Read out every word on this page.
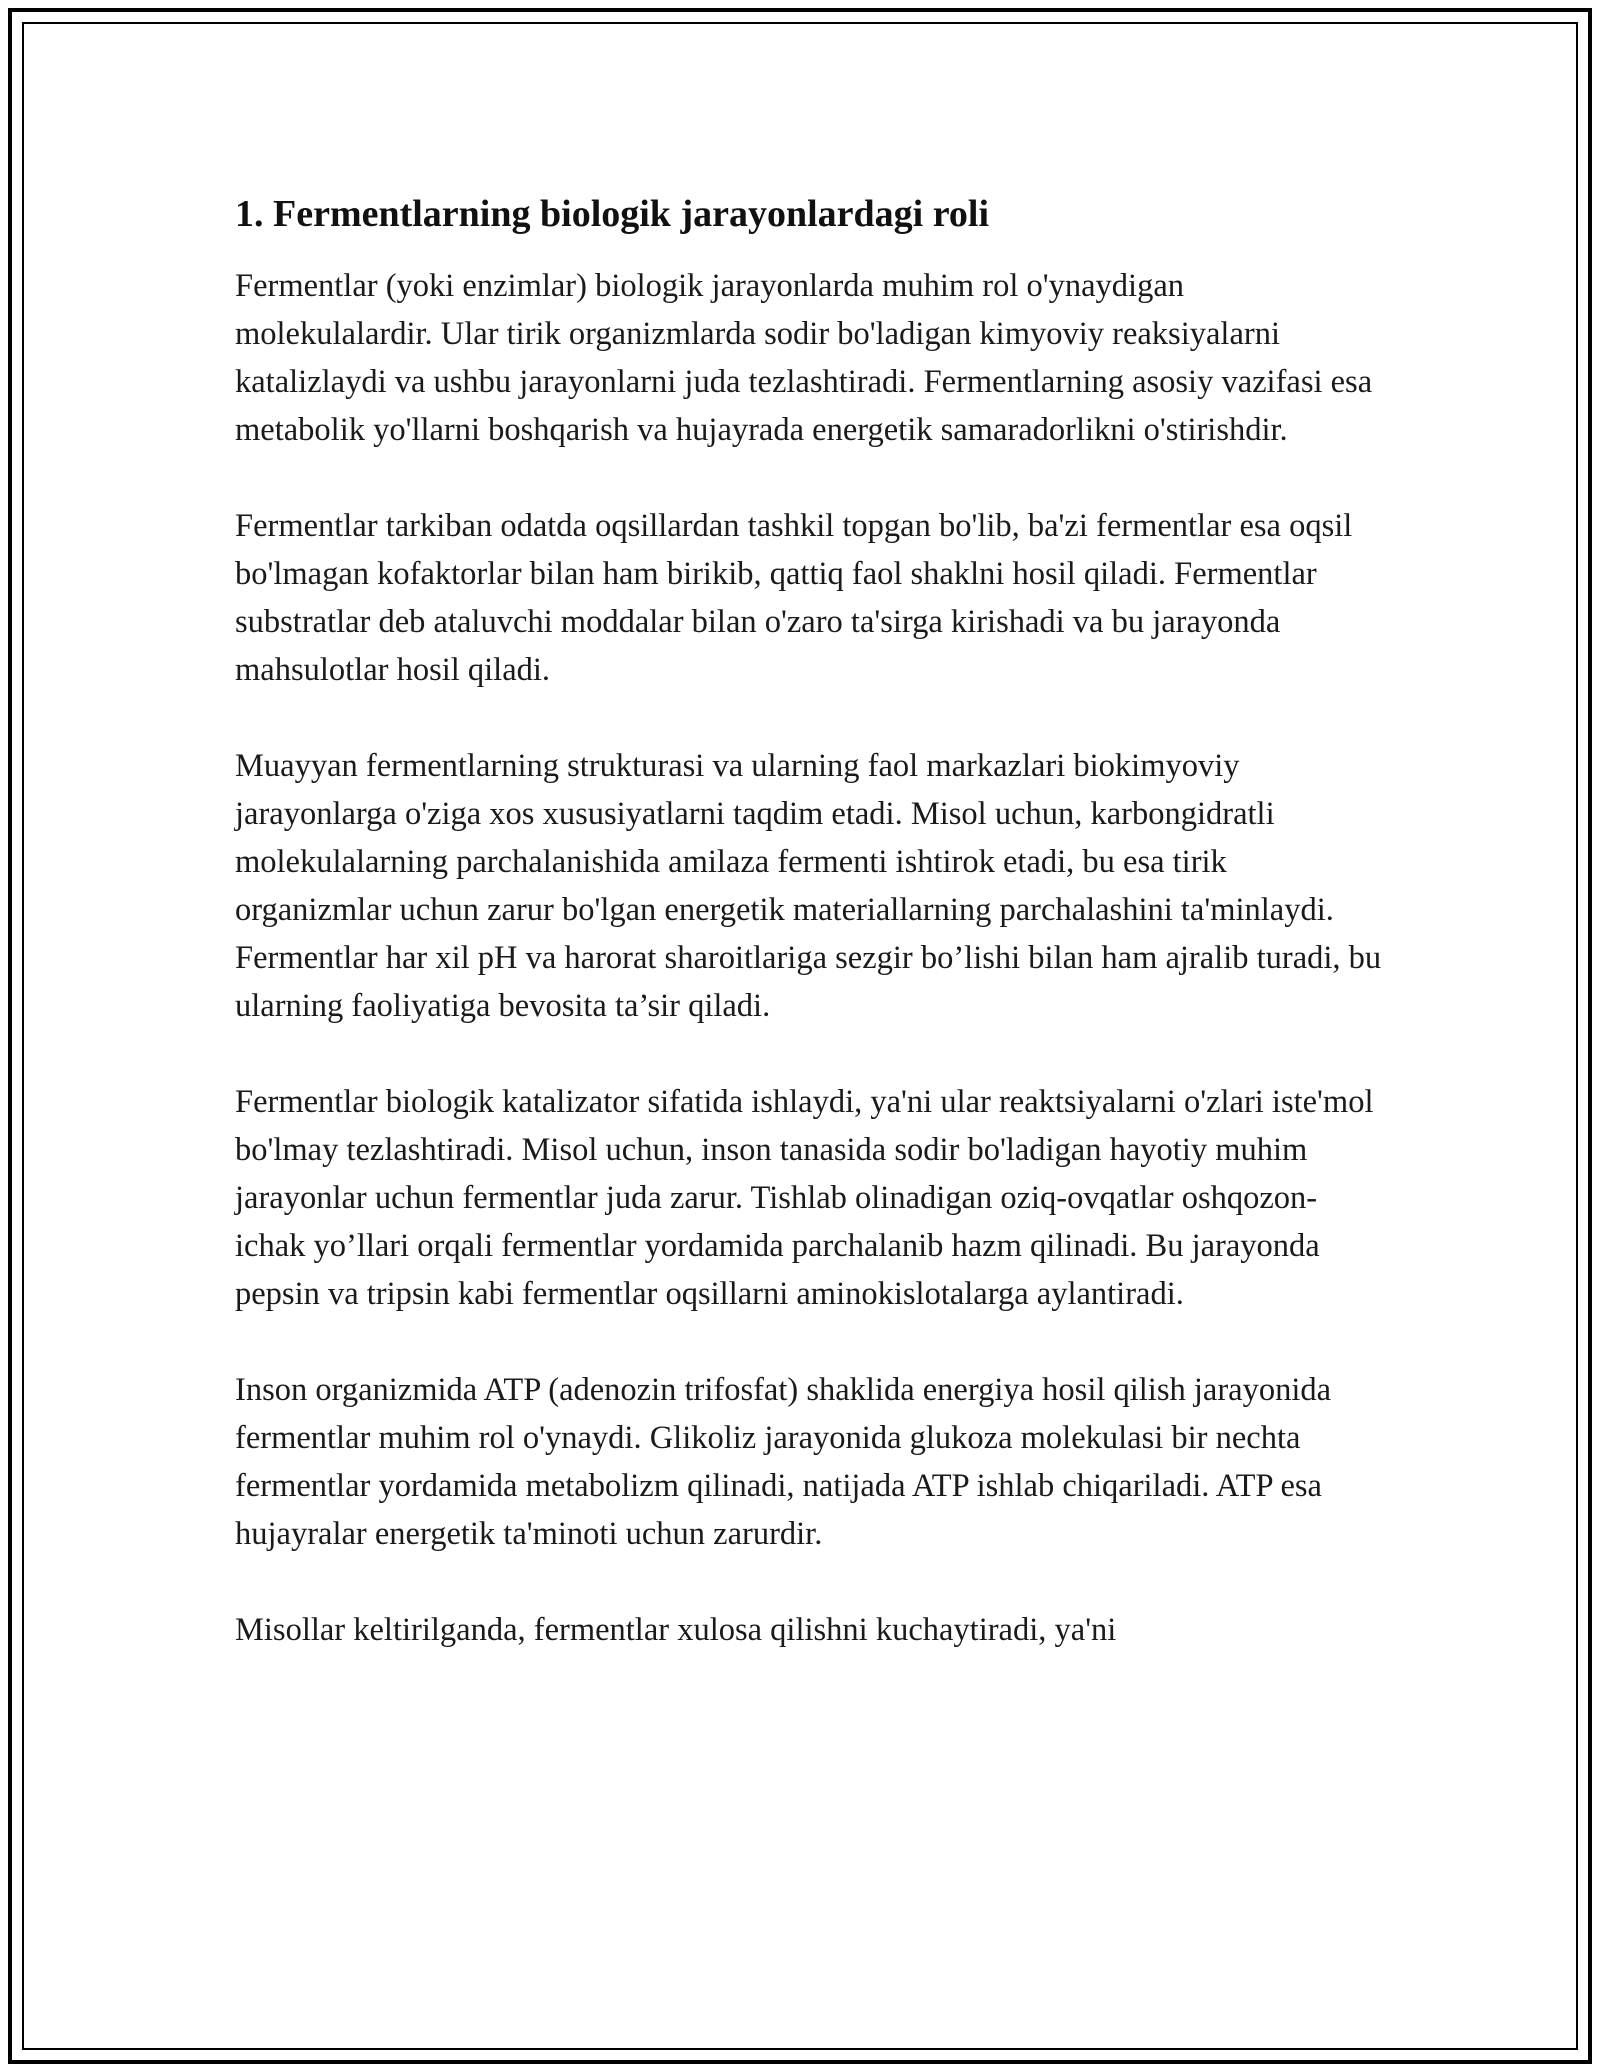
1. Fermentlarning biologik jarayonlardagi roli

Fermentlar (yoki enzimlar) biologik jarayonlarda muhim rol o'ynaydigan molekulalardir. Ular tirik organizmlarda sodir bo'ladigan kimyoviy reaksiyalarni katalizlaydi va ushbu jarayonlarni juda tezlashtiradi. Fermentlarning asosiy vazifasi esa metabolik yo'llarni boshqarish va hujayrada energetik samaradorlikni o'stirishdir.

Fermentlar tarkiban odatda oqsillardan tashkil topgan bo'lib, ba'zi fermentlar esa oqsil bo'lmagan kofaktorlar bilan ham birikib, qattiq faol shaklni hosil qiladi. Fermentlar substratlar deb ataluvchi moddalar bilan o'zaro ta'sirga kirishadi va bu jarayonda mahsulotlar hosil qiladi.

Muayyan fermentlarning strukturasi va ularning faol markazlari biokimyoviy jarayonlarga o'ziga xos xususiyatlarni taqdim etadi. Misol uchun, karbongidratli molekulalarning parchalanishida amilaza fermenti ishtirok etadi, bu esa tirik organizmlar uchun zarur bo'lgan energetik materiallarning parchalashini ta'minlaydi. Fermentlar har xil pH va harorat sharoitlariga sezgir bo’lishi bilan ham ajralib turadi, bu ularning faoliyatiga bevosita ta’sir qiladi.

Fermentlar biologik katalizator sifatida ishlaydi, ya'ni ular reaktsiyalarni o'zlari iste'mol bo'lmay tezlashtiradi. Misol uchun, inson tanasida sodir bo'ladigan hayotiy muhim jarayonlar uchun fermentlar juda zarur. Tishlab olinadigan oziq-ovqatlar oshqozon-ichak yo’llari orqali fermentlar yordamida parchalanib hazm qilinadi. Bu jarayonda pepsin va tripsin kabi fermentlar oqsillarni aminokislotalarga aylantiradi.

Inson organizmida ATP (adenozin trifosfat) shaklida energiya hosil qilish jarayonida fermentlar muhim rol o'ynaydi. Glikoliz jarayonida glukoza molekulasi bir nechta fermentlar yordamida metabolizm qilinadi, natijada ATP ishlab chiqariladi. ATP esa hujayralar energetik ta'minoti uchun zarurdir.

Misollar keltirilganda, fermentlar xulosa qilishni kuchaytiradi, ya'ni
